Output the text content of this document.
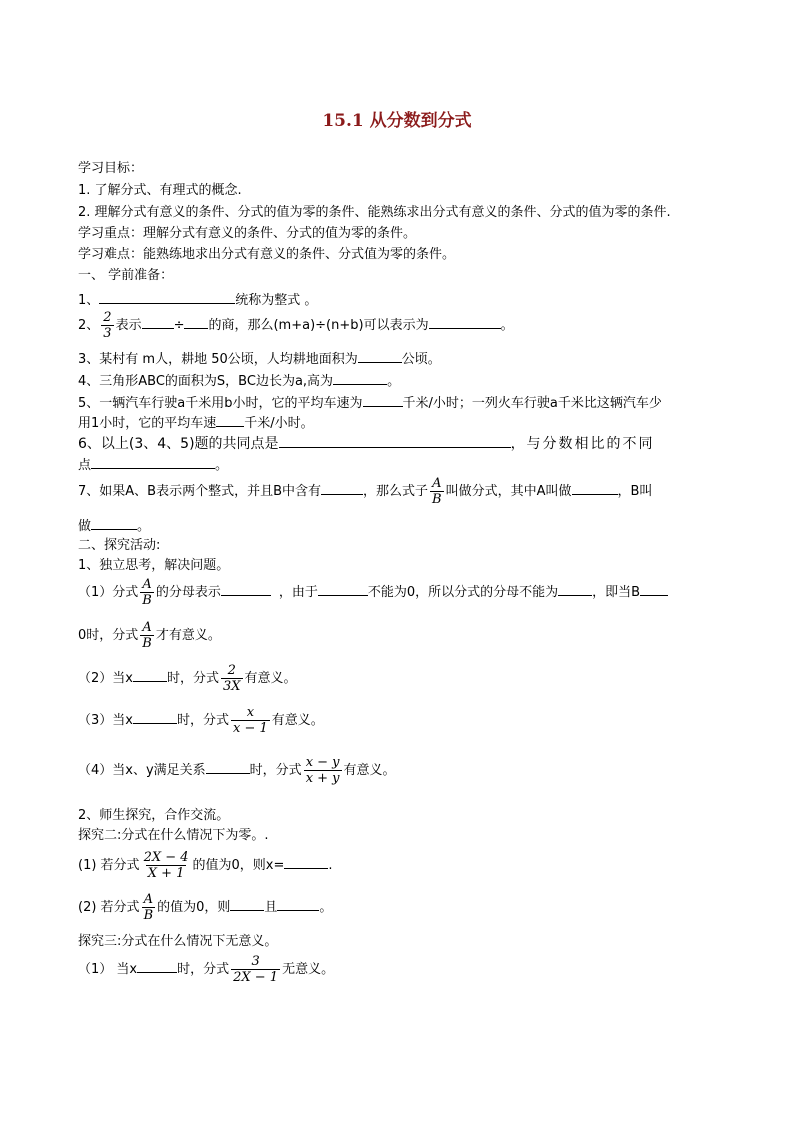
15.1 从分数到分式
学习目标：
1. 了解分式、有理式的概念.
2. 理解分式有意义的条件、分式的值为零的条件、能熟练求出分式有意义的条件、分式的值为零的条件.
学习重点：理解分式有意义的条件、分式的值为零的条件。
学习难点：能熟练地求出分式有意义的条件、分式值为零的条件。
一、 学前准备：
1、	统称为整式 。
2、 $\frac{2}{3}$ 表示 ÷ 的商，那么(m+a)÷(n+b)可以表示为	。
3、某村有 m人，耕地 50公顷，人均耕地面积为	公顷。
4、三角形ABC的面积为S，BC边长为a,高为	。
5、一辆汽车行驶a千米用b小时，它的平均车速为	千米/小时；一列火车行驶a千米比这辆汽车少
用1小时，它的平均车速 千米/小时。
6、以上(3、4、5)题的共同点是	，与分数相比的不同
点	。
7、如果A、B表示两个整式，并且B中含有	，那么式子 $\frac{A}{B}$ 叫做分式，其中A叫做	，B叫
做	。
二、探究活动:
1、独立思考，解决问题。
（1）分式 $\frac{A}{B}$ 的分母表示	，由于	不能为0，所以分式的分母不能为	，即当B
0时，分式 $\frac{A}{B}$ 才有意义。
（2）当x	时，分式 $\frac{2}{3X}$ 有意义。
（3）当x	时，分式 $\frac{x}{x - 1}$ 有意义。
（4）当x、y满足关系	时，分式 $\frac{x - y}{x + y}$ 有意义。
2、师生探究，合作交流。
探究二:分式在什么情况下为零。.
(1) 若分式 $\frac{2X - 4}{X + 1}$ 的值为0，则x=	.
(2) 若分式 $\frac{A}{B}$ 的值为0，则	且	。
探究三:分式在什么情况下无意义。
（1） 当x	时，分式 $\frac{3}{2X - 1}$ 无意义。
